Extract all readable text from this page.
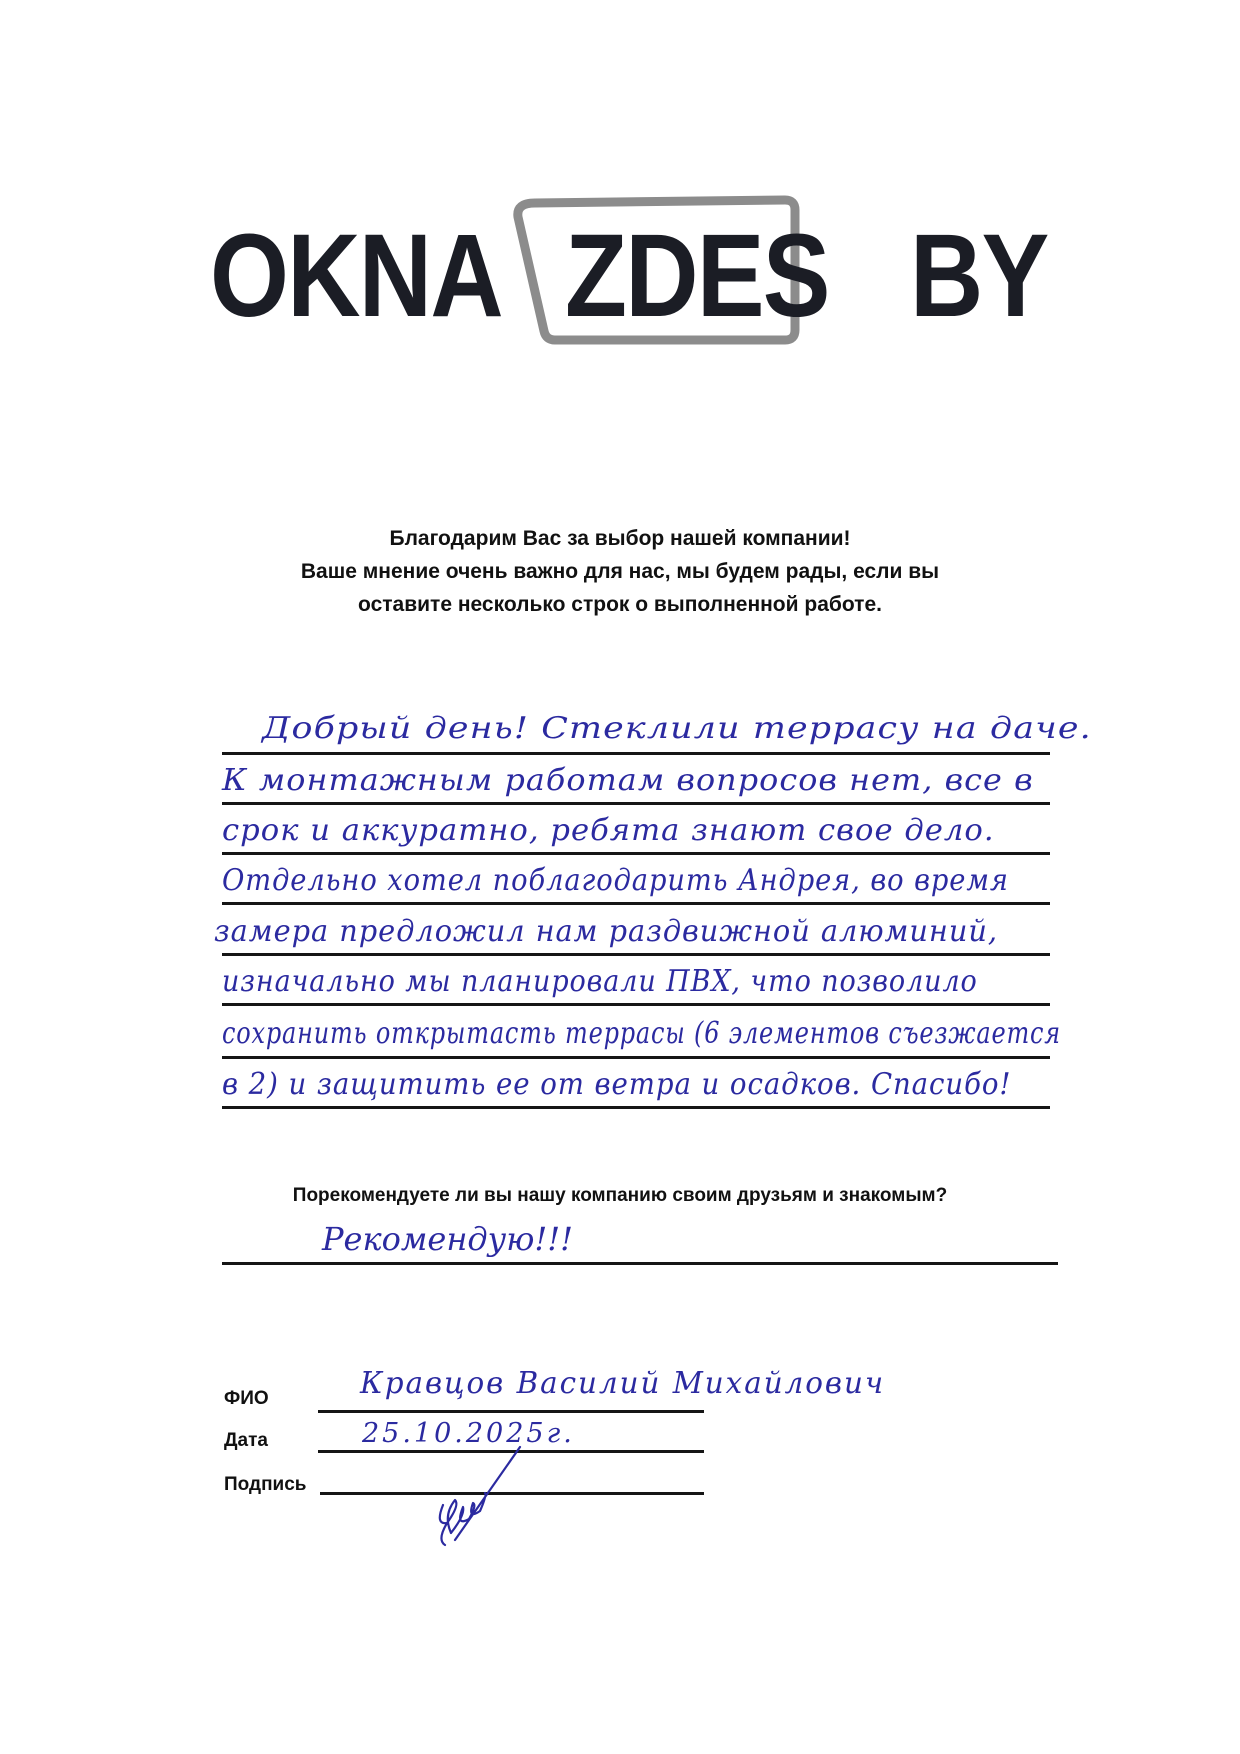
OKNA ZDES BY
Благодарим Вас за выбор нашей компании!
Ваше мнение очень важно для нас, мы будем рады, если вы
оставите несколько строк о выполненной работе.
Добрый день! Стеклили террасу на даче.
К монтажным работам вопросов нет, все в
срок и аккуратно, ребята знают свое дело.
Отдельно хотел поблагодарить Андрея, во время
замера предложил нам раздвижной алюминий,
изначально мы планировали ПВХ, что позволило
сохранить открытасть террасы (6 элементов съезжается
в 2) и защитить ее от ветра и осадков. Спасибо!
Порекомендуете ли вы нашу компанию своим друзьям и знакомым?
Рекомендую!!!
ФИО	Кравцов Василий Михайлович
Дата	25.10.2025г.
Подпись
